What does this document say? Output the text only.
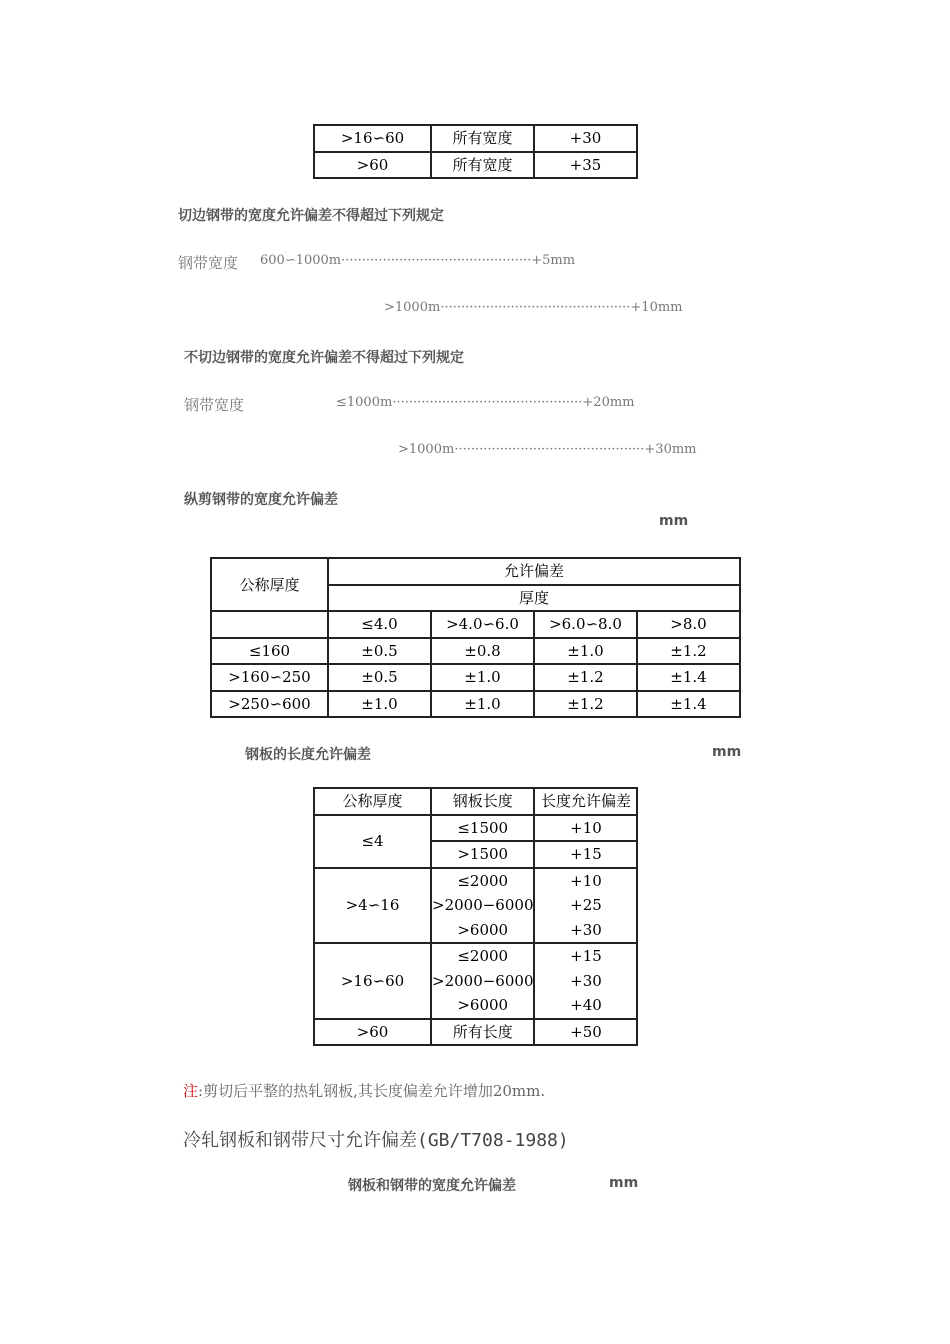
>16∽60	所有宽度	+30
>60	所有宽度	+35
切边钢带的宽度允许偏差不得超过下列规定
钢带宽度 600∽1000m··············································+5mm
>1000m··············································+10mm
不切边钢带的宽度允许偏差不得超过下列规定
钢带宽度	≤1000m··············································+20mm
>1000m··············································+30mm
纵剪钢带的宽度允许偏差
mm
公称厚度	允许偏差			
	厚度			
	≤4.0	>4.0∽6.0	>6.0∽8.0	>8.0
≤160	±0.5	±0.8	±1.0	±1.2
>160∽250	±0.5	±1.0	±1.2	±1.4
>250∽600	±1.0	±1.0	±1.2	±1.4
钢板的长度允许偏差	mm
公称厚度	钢板长度	长度允许偏差
≤4	≤1500	+10
	>1500	+15
>4∽16	≤2000	+10
	>2000−6000	+25
	>6000	+30
>16∽60	≤2000	+15
	>2000−6000	+30
	>6000	+40
>60	所有长度	+50
注:剪切后平整的热轧钢板,其长度偏差允许增加20mm.
冷轧钢板和钢带尺寸允许偏差(GB/T708-1988)
钢板和钢带的宽度允许偏差	mm
